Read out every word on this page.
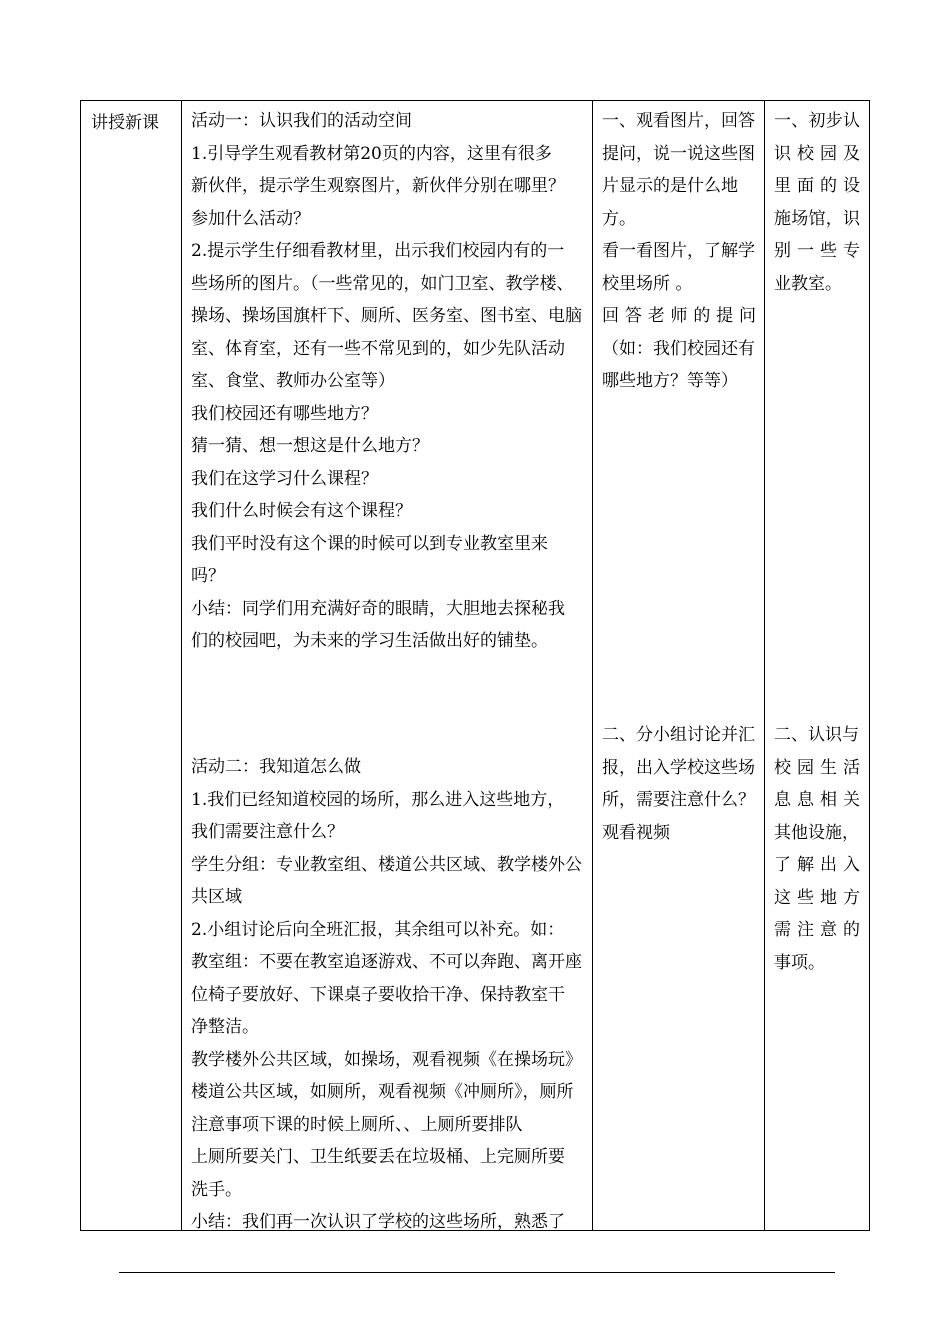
讲授新课 活动一：认识我们的活动空间
1.引导学生观看教材第20页的内容，这里有很多
新伙伴，提示学生观察图片，新伙伴分别在哪里？
参加什么活动？
2.提示学生仔细看教材里，出示我们校园内有的一
些场所的图片。（一些常见的，如门卫室、教学楼、
操场、操场国旗杆下、厕所、医务室、图书室、电脑
室、体育室，还有一些不常见到的，如少先队活动
室、食堂、教师办公室等）
我们校园还有哪些地方？
猜一猜、想一想这是什么地方？
我们在这学习什么课程？
我们什么时候会有这个课程？
我们平时没有这个课的时候可以到专业教室里来
吗？
小结：同学们用充满好奇的眼睛，大胆地去探秘我
们的校园吧，为未来的学习生活做出好的铺垫。
一、观看图片，回答
提问，说一说这些图
片显示的是什么地
方。
看一看图片，了解学
校里场所 。
回答老师的提问
（如：我们校园还有
哪些地方？等等）
一、初步认
识校园及
里面的设
施场馆，识
别一些专
业教室。
活动二：我知道怎么做
1.我们已经知道校园的场所，那么进入这些地方，
我们需要注意什么？
学生分组：专业教室组、楼道公共区域、教学楼外公
共区域
2.小组讨论后向全班汇报，其余组可以补充。如：
教室组：不要在教室追逐游戏、不可以奔跑、离开座
位椅子要放好、下课桌子要收拾干净、保持教室干
净整洁。
教学楼外公共区域，如操场，观看视频《在操场玩》
楼道公共区域，如厕所，观看视频《冲厕所》，厕所
注意事项下课的时候上厕所、、上厕所要排队
上厕所要关门、卫生纸要丢在垃圾桶、上完厕所要
洗手。
小结：我们再一次认识了学校的这些场所，熟悉了
二、分小组讨论并汇
报，出入学校这些场
所，需要注意什么？
观看视频
二、认识与
校园生活
息息相关
其他设施，
了解出入
这些地方
需注意的
事项。
